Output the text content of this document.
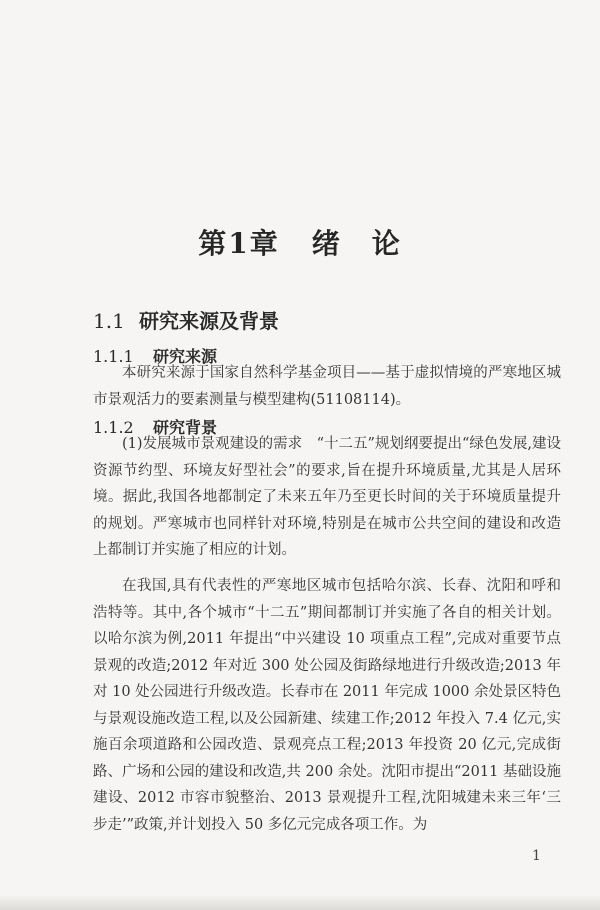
第1章 绪　论
1.1 研究来源及背景
1.1.1 研究来源

本研究来源于国家自然科学基金项目——基于虚拟情境的严寒地区城市景观活力的要素测量与模型建构(51108114)。

1.1.2 研究背景

(1)发展城市景观建设的需求　“十二五”规划纲要提出“绿色发展,建设资源节约型、环境友好型社会”的要求,旨在提升环境质量,尤其是人居环境。据此,我国各地都制定了未来五年乃至更长时间的关于环境质量提升的规划。严寒城市也同样针对环境,特别是在城市公共空间的建设和改造上都制订并实施了相应的计划。

在我国,具有代表性的严寒地区城市包括哈尔滨、长春、沈阳和呼和浩特等。其中,各个城市“十二五”期间都制订并实施了各自的相关计划。以哈尔滨为例,2011 年提出“中兴建设 10 项重点工程”,完成对重要节点景观的改造;2012 年对近 300 处公园及街路绿地进行升级改造;2013 年对 10 处公园进行升级改造。长春市在 2011 年完成 1000 余处景区特色与景观设施改造工程,以及公园新建、续建工作;2012 年投入 7.4 亿元,实施百余项道路和公园改造、景观亮点工程;2013 年投资 20 亿元,完成街路、广场和公园的建设和改造,共 200 余处。沈阳市提出“2011 基础设施建设、2012 市容市貌整治、2013 景观提升工程,沈阳城建未来三年‘三步走’”政策,并计划投入 50 多亿元完成各项工作。为

1
